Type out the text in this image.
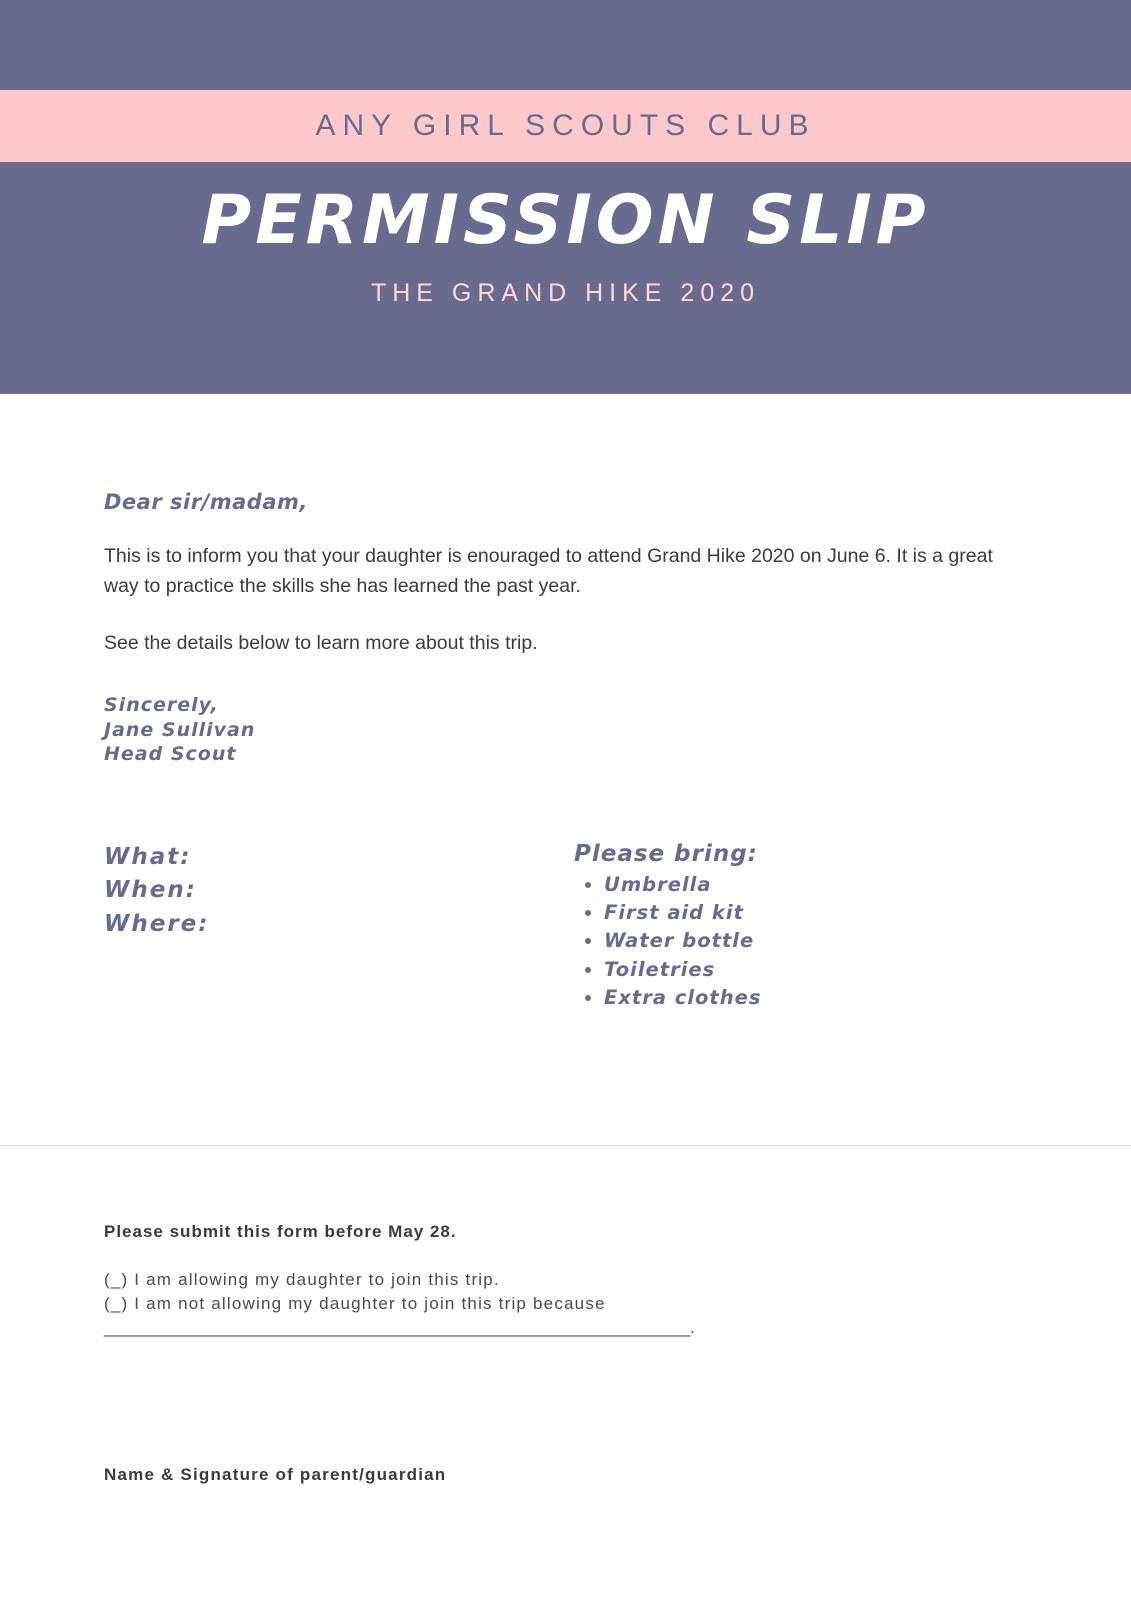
ANY GIRL SCOUTS CLUB
PERMISSION SLIP
THE GRAND HIKE 2020
Dear sir/madam,

This is to inform you that your daughter is enouraged to attend Grand Hike 2020 on June 6. It is a great way to practice the skills she has learned the past year.

See the details below to learn more about this trip.

Sincerely,
Jane Sullivan
Head Scout
What:
When:
Where:
Please bring:
• Umbrella
• First aid kit
• Water bottle
• Toiletries
• Extra clothes
Please submit this form before May 28.
(_) I am allowing my daughter to join this trip.
(_) I am not allowing my daughter to join this trip because
______________________________________________________________.
Name & Signature of parent/guardian
